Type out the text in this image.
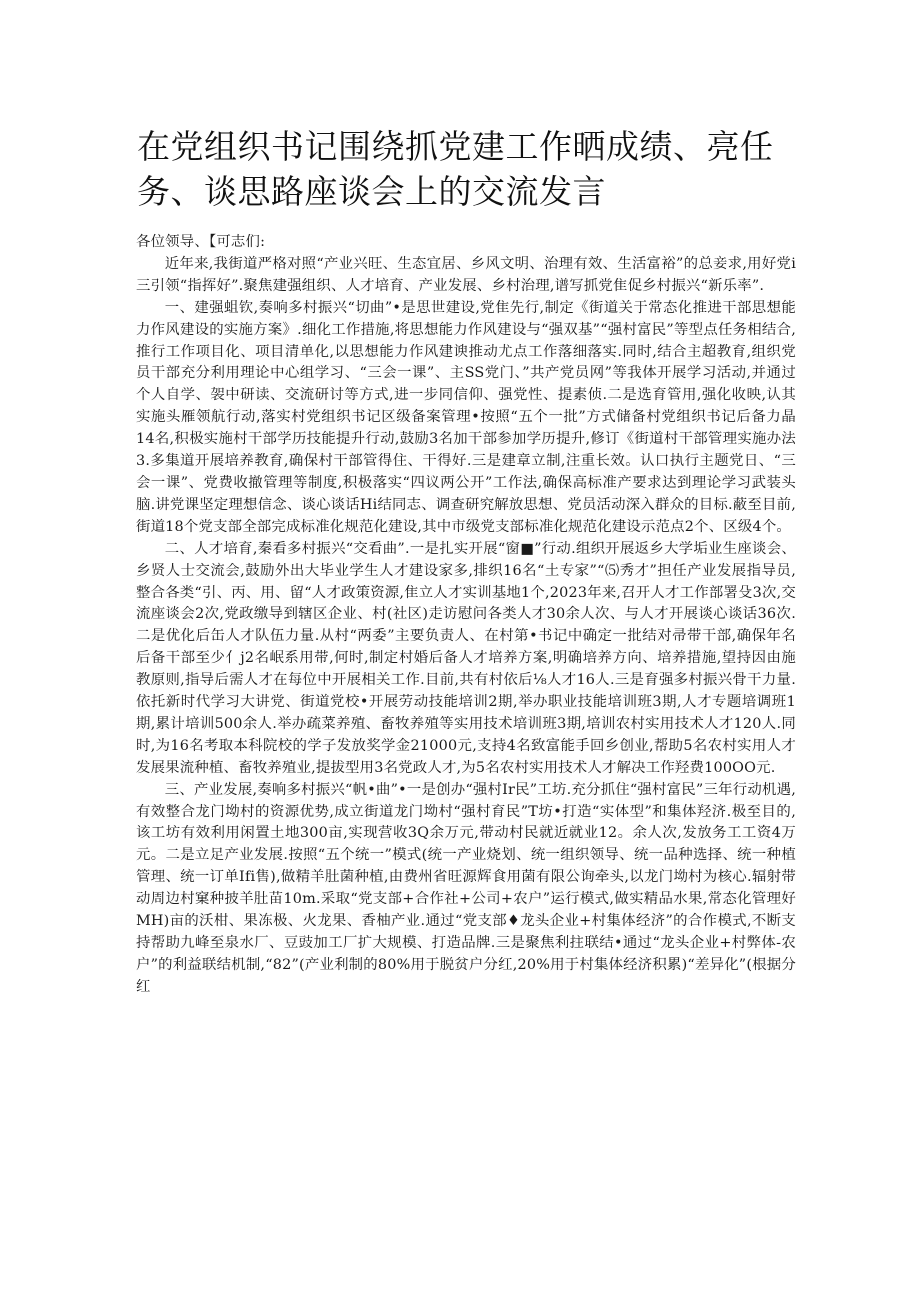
在党组织书记围绕抓党建工作晒成绩、亮任务、谈思路座谈会上的交流发言

各位领导、【可志们:

近年来,我街道严格对照“产业兴旺、生态宜居、乡风文明、治理有效、生活富裕”的总妾求,用好党i三引领“指挥好”.聚焦建强组织、人才培育、产业发展、乡村治理,谱写抓党隹促乡村振兴“新乐率”.

一、建强蛆钦,奏响多村振兴“切曲”•是思世建设,党隹先行,制定《街道关于常态化推进干部思想能力作风建设的实施方案》.细化工作措施,将思想能力作风建设与“强双基”“强村富民”等型点任务相结合,推行工作项目化、项目清单化,以思想能力作风建谀推动尤点工作落细落实.同时,结合主超教育,组织党员干部充分利用理论中心组学习、“三会一课”、主SS党门、”共产党员网”等我体开展学习活动,并通过个人自学、袈中研读、交流研讨等方式,进一步同信仰、强党性、提素侦.二是选育管用,强化收映,认其实施头雁领航行动,落实村党组织书记区级备案管理•按照“五个一批”方式储备村党组织书记后备力晶14名,积极实施村干部学历技能提升行动,鼓励3名加干部参加学历提升,修订《街道村干部管理实施办法3.多集道开展培养教育,确保村干部管得住、干得好.三是建章立制,注重长效。认口执行主题党日、“三会一课”、党费收撤管理等制度,积极落实“四议两公开”工作法,确保高标准产要求达到理论学习武装头脑.讲党课坚定理想信念、谈心谈话Hi结同志、调查研究解放思想、党员活动深入群众的目标.蔽至目前,街道18个党支部全部完成标准化规范化建设,其中市级党支部标准化规范化建设示范点2个、区级4个。

二、人才培育,秦看多村振兴“交看曲”.一是扎实开展“窗■”行动.组织开展返乡大学垢业生座谈会、乡贤人士交流会,鼓励外出大毕业学生人才建设家多,排织16名“土专家”“⑸秀才”担任产业发展指导员,整合各类“引、丙、用、留“人才政策资源,隹立人才实训基地1个,2023年来,召开人才工作部署殳3次,交流座谈会2次,党政缴导到辖区企业、村(社区)走访慰问各类人才30余人次、与人才开展谈心谈话36次.二是优化后缶人才队伍力量.从村“两委”主要负责人、在村第•书记中确定一批结对帚带干部,确保年名后备干部至少亻j2名岷系用带,何时,制定村婚后备人才培养方案,明确培养方向、培养措施,望持因由施教原则,指导后需人才在每位中开展相关工作.目前,共有村依后⅛人才16人.三是育强多村振兴骨干力量.依托新时代学习大讲党、街道党校•开展劳动技能培训2期,举办职业技能培训班3期,人才专题培调班1期,累计培训500余人.举办疏菜养殖、畜牧养殖等实用技术培训班3期,培训农村实用技术人才120人.同时,为16名考取本科院校的学子发放奖学金21000元,支持4名致富能手回乡创业,帮助5名农村实用人才发展果流种植、畜牧养殖业,提拔型用3名党政人才,为5名农村实用技术人才解决工作羟费100OO元.

三、产业发展,奏响多村振兴“帆•曲”•一是创办“强村Ir民”工坊.充分抓住“强村富民”三年行动机遇,有效整合龙门坳村的资源优势,成立街道龙门坳村“强村育民”T坊•打造“实体型”和集体羟济.极至目的,该工坊有效利用闲置土地300亩,实现营收3Q余万元,带动村民就近就业12。余人次,发放务工工资4万元。二是立足产业发展.按照“五个统一”模式(统一产业烧划、统一组织领导、统一品种选择、统一种植管理、统一订单Ifi售),做精羊肚菌种植,由费州省旺源辉食用菌有限公询牵头,以龙门坳村为核心.辐射带动周边村窠种披羊肚苗10m.采取“党支部+合作社+公司+农户”运行模式,做实精品水果,常态化管理好MH)亩的沃柑、果冻极、火龙果、香柚产业.通过“党支部♦龙头企业+村集体经济”的合作模式,不断支持帮助九峰至泉水厂、豆豉加工厂扩大规模、打造品牌.三是聚焦利拄联结•通过“龙头企业+村弊体-农户”的利益联结机制,“82”(产业利制的80%用于脱贫户分红,20%用于村集体经济积累)“差异化”(根据分红
